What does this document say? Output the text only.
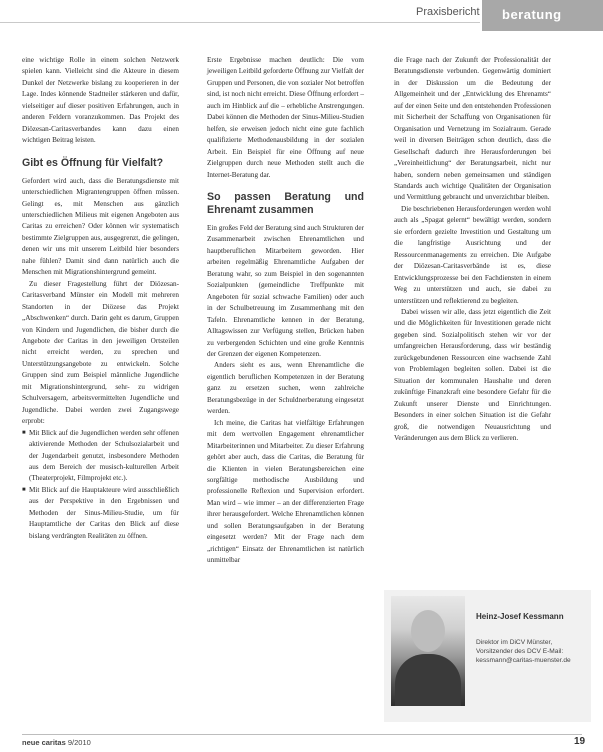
Praxisbericht	beratung

eine wichtige Rolle in einem solchen Netzwerk spielen kann. Vielleicht sind die Akteure in diesem Dunkel der Netzwerke bislang zu kooperieren in der Lage. Indes könnende Stadtteiler stärkeren und dafür, vielseitiger auf dieser positiven Erfahrungen, auch in anderen Feldern voranzukommen. Das Projekt des Diözesan-Caritasverbandes kann dazu einen wichtigen Beitrag leisten.

Gibt es Öffnung für Vielfalt?

Gefordert wird auch, dass die Beratungsdienste mit unterschiedlichen Migrantengruppen öffnen müssen. Gelingt es, mit Menschen aus gänzlich unterschiedlichen Milieus mit eigenen Angeboten aus Caritas zu erreichen? Oder können wir systematisch bestimmte Zielgruppen aus, ausgegrenzt, die gelingen, denen wir uns mit unserem Leitbild hier besonders nahe fühlen? Damit sind dann natürlich auch die Menschen mit Migrationshintergrund gemeint.

Zu dieser Fragestellung führt der Diözesan-Caritasverband Münster ein Modell mit mehreren Standorten in der Diözese das Projekt „Abschwenken“ durch. Darin geht es darum, Gruppen von Kindern und Jugendlichen, die bisher durch die Angebote der Caritas in den jeweiligen Ortsteilen nicht erreicht werden, zu sprechen und Unterstützungsangebote zu entwickeln. Solche Gruppen sind zum Beispiel männliche Jugendliche mit Migrationshintergrund, sehr- zu widrigen Schulversagern, arbeitsvermittelten Jugendliche und Jugendliche. Dabei werden zwei Zugangswege erprobt:

■ Mit Blick auf die Jugendlichen werden sehr offenen aktivierende Methoden der Schulsozialarbeit und der Jugendarbeit genutzt, insbesondere Methoden aus dem Bereich der musisch-kulturellen Arbeit (Theaterprojekt, Filmprojekt etc.).

■ Mit Blick auf die Hauptakteure wird ausschließlich aus der Perspektive in den Ergebnissen und Methoden der Sinus-Milieu-Studie, um für Hauptamtliche der Caritas den Blick auf diese bislang verdrängten Realitäten zu öffnen.

Erste Ergebnisse machen deutlich: Die vom jeweiligen Leitbild geforderte Öffnung zur Vielfalt der Gruppen und Personen, die von sozialer Not betroffen sind, ist noch nicht erreicht. Diese Öffnung erfordert – auch im Hinblick auf die – erhebliche Anstrengungen. Dabei können die Methoden der Sinus-Milieu-Studien helfen, sie erweisen jedoch nicht eine gute fachlich qualifizierte Methodenausbildung in der sozialen Arbeit. Ein Beispiel für eine Öffnung auf neue Zielgruppen durch neue Methoden stellt auch die Internet-Beratung dar.

So passen Beratung und Ehrenamt zusammen

Ein großes Feld der Beratung sind auch Strukturen der Zusammenarbeit zwischen Ehrenamtlichen und hauptberuflichen Mitarbeitern geworden. Hier arbeiten regelmäßig Ehrenamtliche Aufgaben der Beratung wahr, so zum Beispiel in den sogenannten Sozialpunkten (gemeindliche Treffpunkte mit Angeboten für sozial schwache Familien) oder auch in der Schulbetreuung im Zusammenhang mit den Tafeln. Ehrenamtliche kennen in der Beratung, Alltagswissen zur Verfügung stellen, Brücken haben zu verbergenden Schichten und eine große Kenntnis der Grenzen der eigenen Kompetenzen.

Anders sieht es aus, wenn Ehrenamtliche die eigentlich beruflichen Kompetenzen in der Beratung ganz zu ersetzen suchen, wenn zahlreiche Beratungsbezüge in der Schuldnerberatung eingesetzt werden.

Ich meine, die Caritas hat vielfältige Erfahrungen mit dem wertvollen Engagement ehrenamtlicher Mitarbeiterinnen und Mitarbeiter. Zu dieser Erfahrung gehört aber auch, dass die Caritas, die Beratung für die Klienten in vielen Beratungsbereichen eine sorgfältige methodische Ausbildung und professionelle Reflexion und Supervision erfordert. Man wird – wie immer – an der differenzierten Frage ihrer herausgefordert. Welche Ehrenamtlichen können und sollen Beratungsaufgaben in der Beratung eingesetzt werden? Mit der Frage nach dem „richtigen“ Einsatz der Ehrenamtlichen ist natürlich unmittelbar

die Frage nach der Zukunft der Professionalität der Beratungsdienste verbunden. Gegenwärtig dominiert in der Diskussion um die Bedeutung der Allgemeinheit und der „Entwicklung des Ehrenamts“ auf der einen Seite und den entstehenden Professionen mit Sicherheit der Schaffung von Organisationen für Organisation und Vernetzung im Sozialraum. Gerade weil in diversen Beiträgen schon deutlich, dass die Gesellschaft dadurch ihre Herausforderungen bei „Vereinheitlichung“ der Beratungsarbeit, nicht nur haben, sondern neben gemeinsamen und ständigen Standards auch wichtige Qualitäten der Organisation und Vermittlung gebraucht und unverzichtbar bleiben.

Die beschriebenen Herausforderungen werden wohl auch als „Spagat gelernt“ bewältigt werden, sondern sie erfordern gezielte Investition und Gestaltung um die langfristige Ausrichtung und der Ressourcenmanagements zu erreichen. Die Aufgabe der Diözesan-Caritasverbände ist es, diese Entwicklungsprozesse bei den Fachdiensten in einem Weg zu unterstützen und auch, sie dabei zu unterstützen und reflektierend zu begleiten.

Dabei wissen wir alle, dass jetzt eigentlich die Zeit und die Möglichkeiten für Investitionen gerade nicht gegeben sind. Sozialpolitisch stehen wir vor der umfangreichen Herausforderung, dass wir beständig zurückgebundenen Ressourcen eine wachsende Zahl von Problemlagen begleiten sollen. Dabei ist die Situation der kommunalen Haushalte und deren zukünftige Finanzkraft eine besondere Gefahr für die Zukunft unserer Dienste und Einrichtungen. Besonders in einer solchen Situation ist die Gefahr groß, die notwendigen Neuausrichtung und Veränderungen aus dem Blick zu verlieren.

Heinz-Josef Kessmann
Direktor im DiCV Münster, Vorsitzender des DCV E-Mail: kessmann@caritas-muenster.de
neue caritas 9/2010	19
